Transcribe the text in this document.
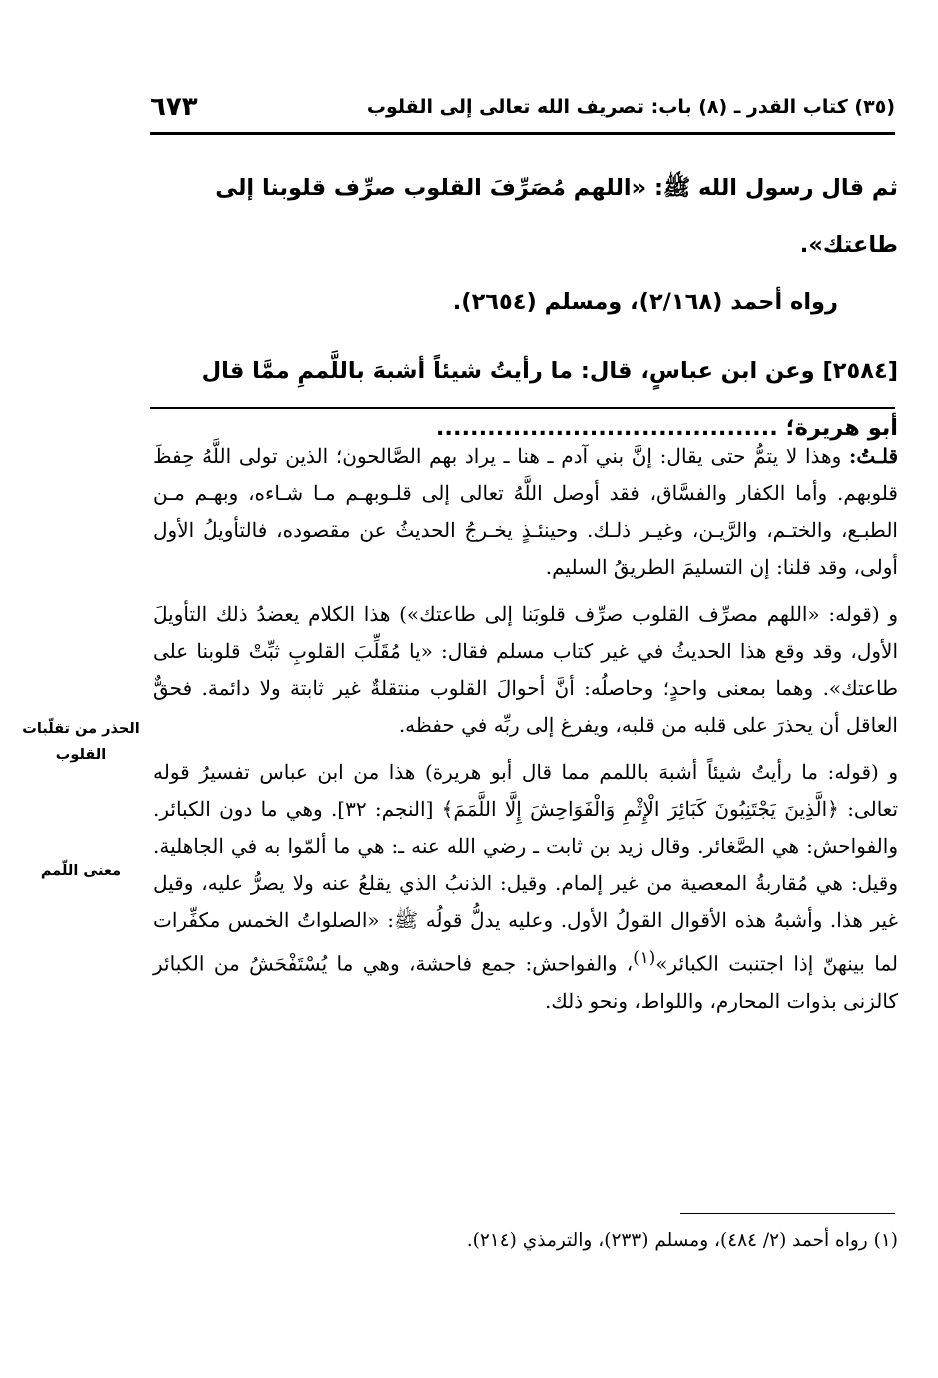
٦٧٣	(٣٥) كتاب القدر ـ (٨) باب: تصريف الله تعالى إلى القلوب

ثم قال رسول الله ﷺ: «اللهم مُصَرِّفَ القلوب صرِّف قلوبنا إلى طاعتك».

رواه أحمد (٢/١٦٨)، ومسلم (٢٦٥٤).

[٢٥٨٤] وعن ابن عباسٍ، قال: ما رأيتُ شيئاً أشبهَ باللَّممِ ممَّا قال

أبو هريرة؛ ........................................

قلـتُ: وهذا لا يتمُّ حتى يقال: إنَّ بني آدم ـ هنا ـ يراد بهم الصَّالحون؛ الذين تولى اللَّهُ حِفظَ قلوبهم. وأما الكفار والفسَّاق، فقد أوصل اللَّهُ تعالى إلى قلـوبهـم مـا شـاءه، وبهـم مـن الطبـع، والختـم، والرَّيـن، وغيـر ذلـك. وحينئـذٍ يخـرجُ الحديثُ عن مقصوده، فالتأويلُ الأول أولى، وقد قلنا: إن التسليمَ الطريقُ السليم.

و (قوله: «اللهم مصرِّف القلوب صرِّف قلوبَنا إلى طاعتك») هذا الكلام يعضدُ ذلك التأويلَ الأول، وقد وقع هذا الحديثُ في غير كتاب مسلم فقال: «يا مُقَلِّبَ القلوبِ ثبِّتْ قلوبنا على طاعتك». وهما بمعنى واحدٍ؛ وحاصلُه: أنَّ أحوالَ القلوب منتقلةٌ غير ثابتة ولا دائمة. فحقٌّ العاقل أن يحذرَ على قلبه من قلبه، ويفرغ إلى ربِّه في حفظه.

و (قوله: ما رأيتُ شيئاً أشبهَ باللمم مما قال أبو هريرة) هذا من ابن عباس تفسيرُ قوله تعالى: ﴿الَّذِينَ يَجْتَنِبُونَ كَبَائِرَ الْإِثْمِ وَالْفَوَاحِشَ إِلَّا اللَّمَمَ﴾ [النجم: ٣٢]. وهي ما دون الكبائر. والفواحش: هي الصَّغائر. وقال زيد بن ثابت ـ رضي الله عنه ـ: هي ما ألمّوا به في الجاهلية. وقيل: هي مُقاربةُ المعصية من غير إلمام. وقيل: الذنبُ الذي يقلعُ عنه ولا يصرُّ عليه، وقيل غير هذا. وأشبهُ هذه الأقوال القولُ الأول. وعليه يدلُّ قولُه ﷺ: «الصلواتُ الخمس مكفِّرات لما بينهنّ إذا اجتنبت الكبائر»$^{(١)}$، والفواحش: جمع فاحشة، وهي ما يُسْتَفْحَشُ من الكبائر كالزنى بذوات المحارم، واللواط، ونحو ذلك.

الحذر من تقلّبات القلوب
معنى اللّمم
(١) رواه أحمد (٢/ ٤٨٤)، ومسلم (٢٣٣)، والترمذي (٢١٤).
